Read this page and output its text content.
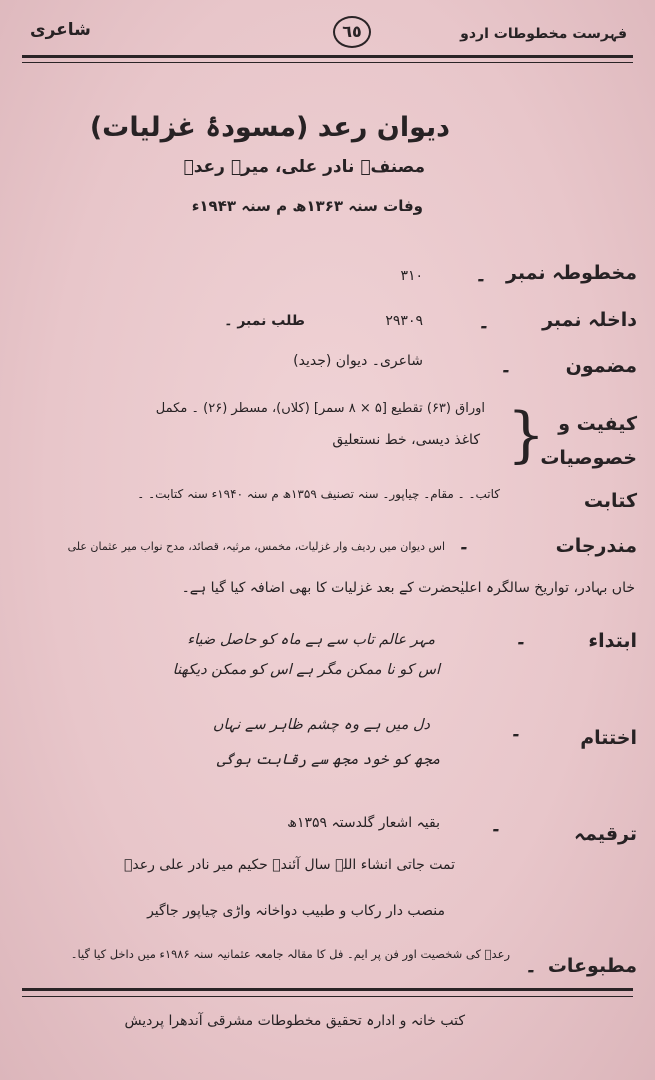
شاعری	٦٥	فہرست مخطوطات اردو
دیوان رعد (مسودۂ غزلیات)
مصنف۔ نادر علی، میر۔ رعدؔ
وفات سنہ ۱۳۶۳ھ م سنہ ۱۹۴۳ء
مخطوطہ نمبر
۔
۳۱۰
داخلہ نمبر
۔
۲۹۳۰۹
طلب نمبر ۔
مضمون
۔
شاعری۔ دیوان (جدید)
کیفیت و
خصوصیات
}
اوراق (۶۳) تقطیع [۵ × ۸ سمر] (کلاں)، مسطر (۲۶) ۔ مکمل
کاغذ دیسی، خط نستعلیق
کتابت
کاتب۔ ۔ مقام۔ چیاپور۔ سنہ تصنیف ۱۳۵۹ھ م سنہ ۱۹۴۰ء سنہ کتابت۔ ۔
مندرجات
۔
اس دیوان میں ردیف وار غزلیات، مخمس، مرثیہ، قصائد، مدح نواب میر عثمان علی
خاں بہادر، تواریخ سالگرہ اعلیٰحضرت کے بعد غزلیات کا بھی اضافہ کیا گیا ہے۔
ابتداء
۔
مہر عالم تاب سے ہے ماہ کو حاصل ضیاء
اس کو نا ممکن مگر ہے اس کو ممکن دیکھنا
اختتام
۔
دل میں ہے وہ چشم ظاہر سے نہاں
مجھ کو خود مجھ سے رقابت ہوگی
ترقیمہ
۔
بقیہ اشعار گلدستہ ۱۳۵۹ھ
تمت جاتی انشاء اللہ سال آئندہ حکیم میر نادر علی رعدؔ
منصب دار رکاب و طبیب دواخانہ واڑی چیاپور جاگیر
مطبوعات
۔
رعدؔ کی شخصیت اور فن پر ایم۔ فل کا مقالہ جامعہ عثمانیہ سنہ ۱۹۸۶ء میں داخل کیا گیا۔
کتب خانہ و ادارہ تحقیق مخطوطات مشرقی آندھرا پردیش
